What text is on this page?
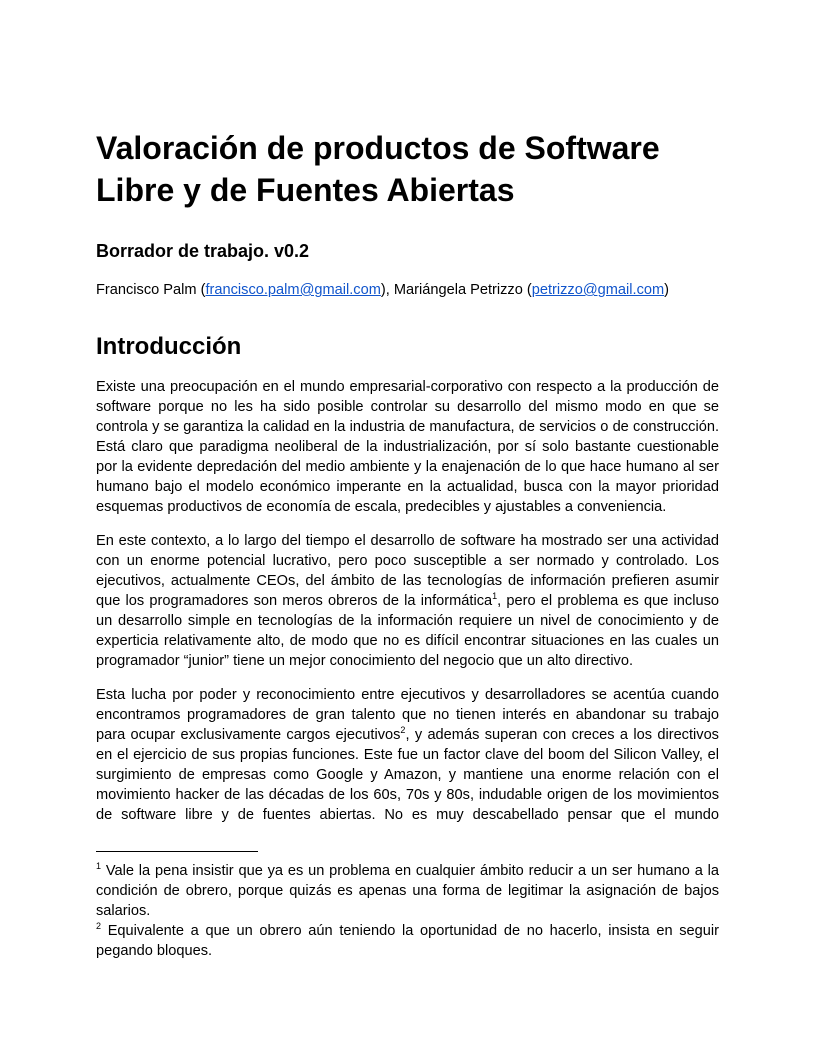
Valoración de productos de Software Libre y de Fuentes Abiertas
Borrador de trabajo. v0.2

Francisco Palm (francisco.palm@gmail.com), Mariángela Petrizzo (petrizzo@gmail.com)

Introducción
Existe una preocupación en el mundo empresarial-corporativo con respecto a la producción de
software porque no les ha sido posible controlar su desarrollo del mismo modo en que se
controla y se garantiza la calidad en la industria de manufactura, de servicios o de construcción.
Está claro que paradigma neoliberal de la industrialización, por sí solo bastante cuestionable
por la evidente depredación del medio ambiente y la enajenación de lo que hace humano al ser
humano bajo el modelo económico imperante en la actualidad, busca con la mayor prioridad
esquemas productivos de economía de escala, predecibles y ajustables a conveniencia.
En este contexto, a lo largo del tiempo el desarrollo de software ha mostrado ser una actividad
con un enorme potencial lucrativo, pero poco susceptible a ser normado y controlado. Los
ejecutivos, actualmente CEOs, del ámbito de las tecnologías de información prefieren asumir
que los programadores son meros obreros de la informática$^1$, pero el problema es que incluso
un desarrollo simple en tecnologías de la información requiere un nivel de conocimiento y de
experticia relativamente alto, de modo que no es difícil encontrar situaciones en las cuales un
programador “junior” tiene un mejor conocimiento del negocio que un alto directivo.
Esta lucha por poder y reconocimiento entre ejecutivos y desarrolladores se acentúa cuando
encontramos programadores de gran talento que no tienen interés en abandonar su trabajo
para ocupar exclusivamente cargos ejecutivos$^2$, y además superan con creces a los directivos
en el ejercicio de sus propias funciones. Este fue un factor clave del boom del Silicon Valley, el
surgimiento de empresas como Google y Amazon, y mantiene una enorme relación con el
movimiento hacker de las décadas de los 60s, 70s y 80s, indudable origen de los movimientos
de software libre y de fuentes abiertas. No es muy descabellado pensar que el mundo
$^1$ Vale la pena insistir que ya es un problema en cualquier ámbito reducir a un ser humano a la
condición de obrero, porque quizás es apenas una forma de legitimar la asignación de bajos
salarios.
$^2$ Equivalente a que un obrero aún teniendo la oportunidad de no hacerlo, insista en seguir
pegando bloques.
